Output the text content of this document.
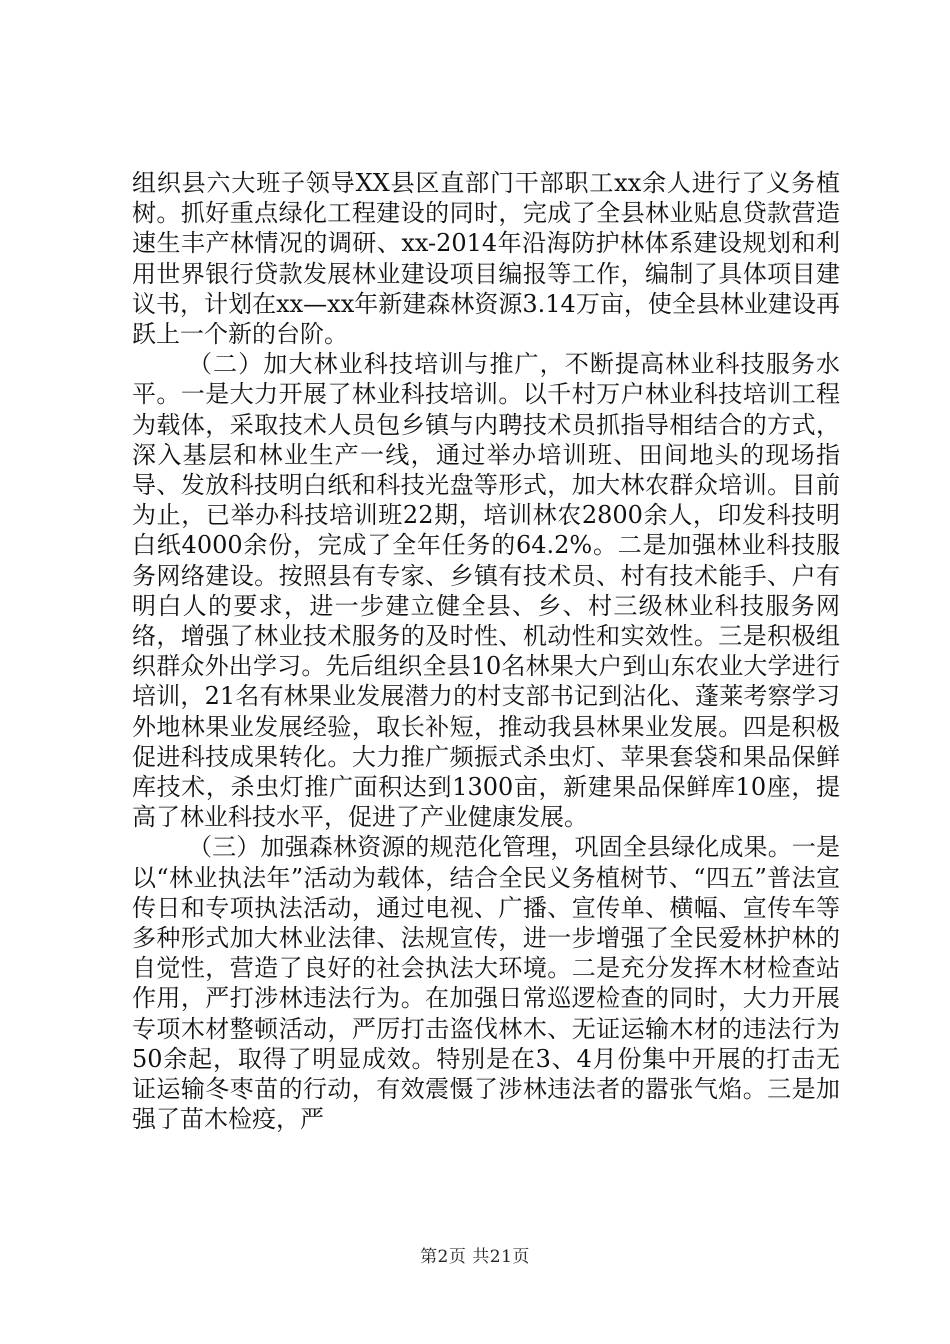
组织县六大班子领导XX县区直部门干部职工xx余人进行了义务植树。抓好重点绿化工程建设的同时，完成了全县林业贴息贷款营造速生丰产林情况的调研、xx-2014年沿海防护林体系建设规划和利用世界银行贷款发展林业建设项目编报等工作，编制了具体项目建议书，计划在xx—xx年新建森林资源3.14万亩，使全县林业建设再跃上一个新的台阶。

（二）加大林业科技培训与推广，不断提高林业科技服务水平。一是大力开展了林业科技培训。以千村万户林业科技培训工程为载体，采取技术人员包乡镇与内聘技术员抓指导相结合的方式，深入基层和林业生产一线，通过举办培训班、田间地头的现场指导、发放科技明白纸和科技光盘等形式，加大林农群众培训。目前为止，已举办科技培训班22期，培训林农2800余人，印发科技明白纸4000余份，完成了全年任务的64.2%。二是加强林业科技服务网络建设。按照县有专家、乡镇有技术员、村有技术能手、户有明白人的要求，进一步建立健全县、乡、村三级林业科技服务网络，增强了林业技术服务的及时性、机动性和实效性。三是积极组织群众外出学习。先后组织全县10名林果大户到山东农业大学进行培训，21名有林果业发展潜力的村支部书记到沾化、蓬莱考察学习外地林果业发展经验，取长补短，推动我县林果业发展。四是积极促进科技成果转化。大力推广频振式杀虫灯、苹果套袋和果品保鲜库技术，杀虫灯推广面积达到1300亩，新建果品保鲜库10座，提高了林业科技水平，促进了产业健康发展。

（三）加强森林资源的规范化管理，巩固全县绿化成果。一是以“林业执法年”活动为载体，结合全民义务植树节、“四五”普法宣传日和专项执法活动，通过电视、广播、宣传单、横幅、宣传车等多种形式加大林业法律、法规宣传，进一步增强了全民爱林护林的自觉性，营造了良好的社会执法大环境。二是充分发挥木材检查站作用，严打涉林违法行为。在加强日常巡逻检查的同时，大力开展专项木材整顿活动，严厉打击盗伐林木、无证运输木材的违法行为50余起，取得了明显成效。特别是在3、4月份集中开展的打击无证运输冬枣苗的行动，有效震慑了涉林违法者的嚣张气焰。三是加强了苗木检疫，严

第2页 共21页
